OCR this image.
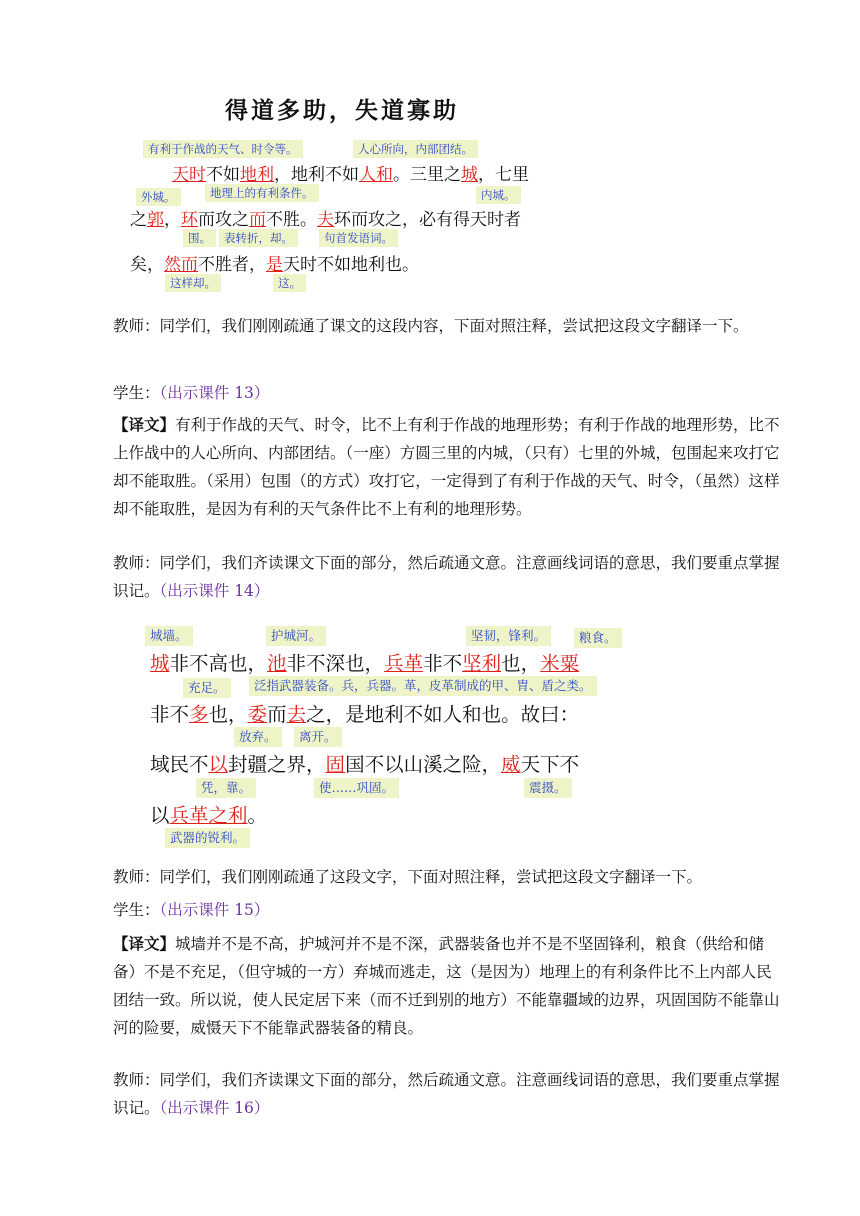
得道多助，失道寡助
有利于作战的天气、时令等。	人心所向，内部团结。
外城。	地理上的有利条件。	内城。
围。	表转折，却。	句首发语词。
这样却。	这。
天时不如地利，地利不如人和。三里之城，七里
之郭，环而攻之而不胜。夫环而攻之，必有得天时者
矣，然而不胜者，是天时不如地利也。
教师：同学们，我们刚刚疏通了课文的这段内容，下面对照注释，尝试把这段文字翻译一下。
学生：（出示课件 13）
【译文】有利于作战的天气、时令，比不上有利于作战的地理形势；有利于作战的地理形势，比不上作战中的人心所向、内部团结。（一座）方圆三里的内城，（只有）七里的外城，包围起来攻打它却不能取胜。（采用）包围（的方式）攻打它，一定得到了有利于作战的天气、时令，（虽然）这样却不能取胜，是因为有利的天气条件比不上有利的地理形势。
教师：同学们，我们齐读课文下面的部分，然后疏通文意。注意画线词语的意思，我们要重点掌握识记。（出示课件 14）
城墙。	护城河。	坚韧，锋利。	粮食。
充足。	泛指武器装备。兵，兵器。革，皮革制成的甲、胄、盾之类。
放弃。	离开。
凭，靠。	使……巩固。	震摄。
武器的锐利。
城非不高也，池非不深也，兵革非不坚利也，米粟
非不多也，委而去之，是地利不如人和也。故曰：
域民不以封疆之界，固国不以山溪之险，威天下不
以兵革之利。
教师：同学们，我们刚刚疏通了这段文字，下面对照注释，尝试把这段文字翻译一下。
学生：（出示课件 15）
【译文】城墙并不是不高，护城河并不是不深，武器装备也并不是不坚固锋利，粮食（供给和储备）不是不充足，（但守城的一方）弃城而逃走，这（是因为）地理上的有利条件比不上内部人民团结一致。所以说，使人民定居下来（而不迁到别的地方）不能靠疆域的边界，巩固国防不能靠山河的险要，威慑天下不能靠武器装备的精良。
教师：同学们，我们齐读课文下面的部分，然后疏通文意。注意画线词语的意思，我们要重点掌握识记。（出示课件 16）
